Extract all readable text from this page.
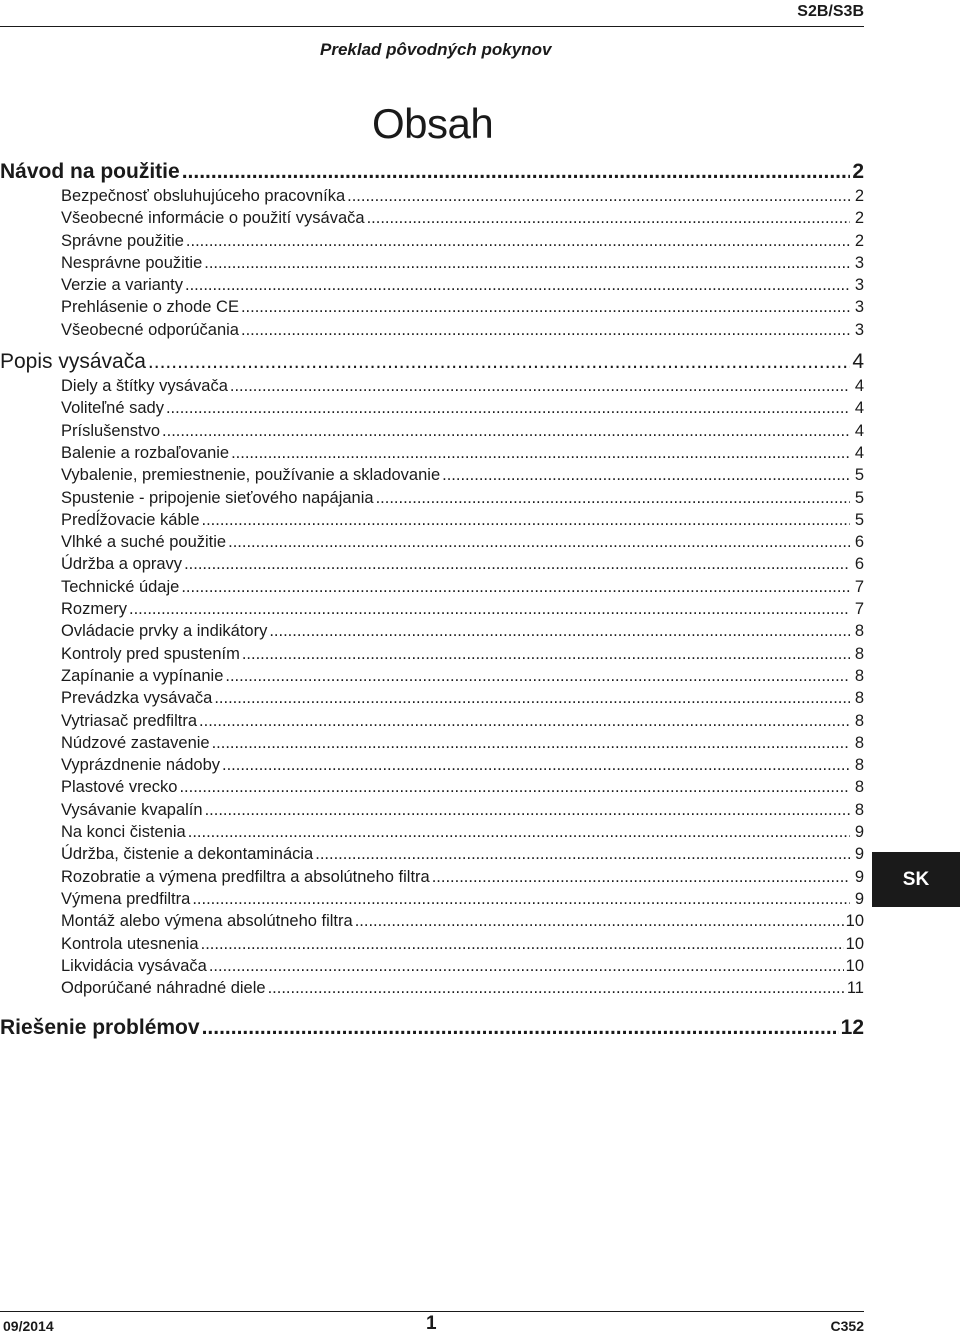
S2B/S3B
Preklad pôvodných pokynov
Obsah
Návod na použitie .....	2
Bezpečnosť obsluhujúceho pracovníka .....	2
Všeobecné informácie o použití vysávača .....	2
Správne použitie .....	2
Nesprávne použitie .....	3
Verzie a varianty .....	3
Prehlásenie o zhode CE .....	3
Všeobecné odporúčania .....	3
Popis vysávača .....	4
Diely a štítky vysávača .....	4
Voliteľné sady .....	4
Príslušenstvo .....	4
Balenie a rozbaľovanie .....	4
Vybalenie, premiestnenie, používanie a skladovanie .....	5
Spustenie - pripojenie sieťového napájania .....	5
Predĺžovacie káble .....	5
Vlhké a suché použitie .....	6
Údržba a opravy .....	6
Technické údaje .....	7
Rozmery .....	7
Ovládacie prvky a indikátory .....	8
Kontroly pred spustením .....	8
Zapínanie a vypínanie .....	8
Prevádzka vysávača .....	8
Vytriasač predfiltra .....	8
Núdzové zastavenie .....	8
Vyprázdnenie nádoby .....	8
Plastové vrecko .....	8
Vysávanie kvapalín .....	8
Na konci čistenia .....	9
Údržba, čistenie a dekontaminácia .....	9
Rozobratie a výmena predfiltra a absolútneho filtra .....	9
Výmena predfiltra .....	9
Montáž alebo výmena absolútneho filtra .....	10
Kontrola utesnenia .....	10
Likvidácia vysávača .....	10
Odporúčané náhradné diele .....	11
Riešenie problémov .....	12
SK
09/2014	1	C352
